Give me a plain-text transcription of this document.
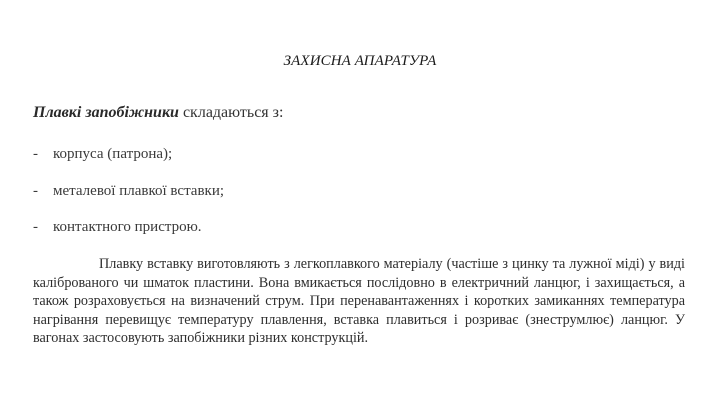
ЗАХИСНА АПАРАТУРА
Плавкі запобіжники складаються з:
- корпуса (патрона);
- металевої плавкої вставки;
- контактного пристрою.
Плавку вставку виготовляють з легкоплавкого матеріалу (частіше з цинку та лужної міді) у виді каліброваного чи шматок пластини. Вона вмикається послідовно в електричний ланцюг, і захищається, а також розраховується на визначений струм. При перенавантаженнях і коротких замиканнях температура нагрівання перевищує температуру плавлення, вставка плавиться і розриває (знеструмлює) ланцюг. У вагонах застосовують запобіжники різних конструкцій.
